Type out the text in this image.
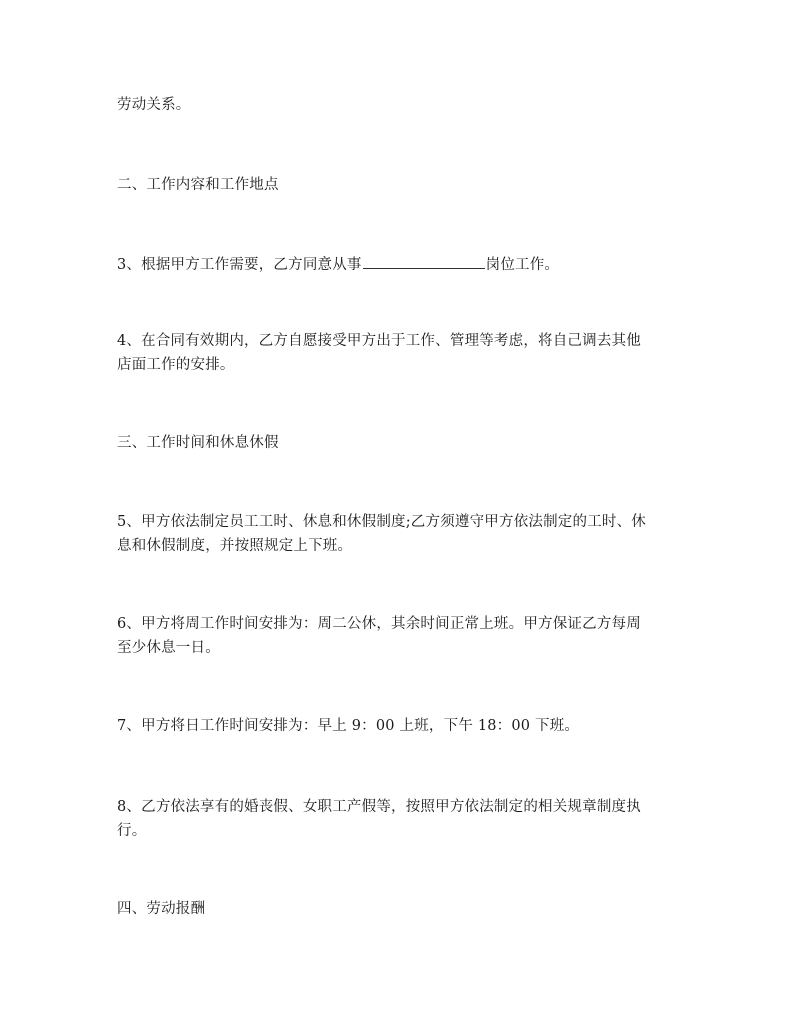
劳动关系。
二、工作内容和工作地点
3、根据甲方工作需要，乙方同意从事	岗位工作。
4、在合同有效期内，乙方自愿接受甲方出于工作、管理等考虑，将自己调去其他
店面工作的安排。
三、工作时间和休息休假
5、甲方依法制定员工工时、休息和休假制度;乙方须遵守甲方依法制定的工时、休
息和休假制度，并按照规定上下班。
6、甲方将周工作时间安排为：周二公休，其余时间正常上班。甲方保证乙方每周
至少休息一日。
7、甲方将日工作时间安排为：早上 9：00 上班，下午 18：00 下班。
8、乙方依法享有的婚丧假、女职工产假等，按照甲方依法制定的相关规章制度执
行。
四、劳动报酬
